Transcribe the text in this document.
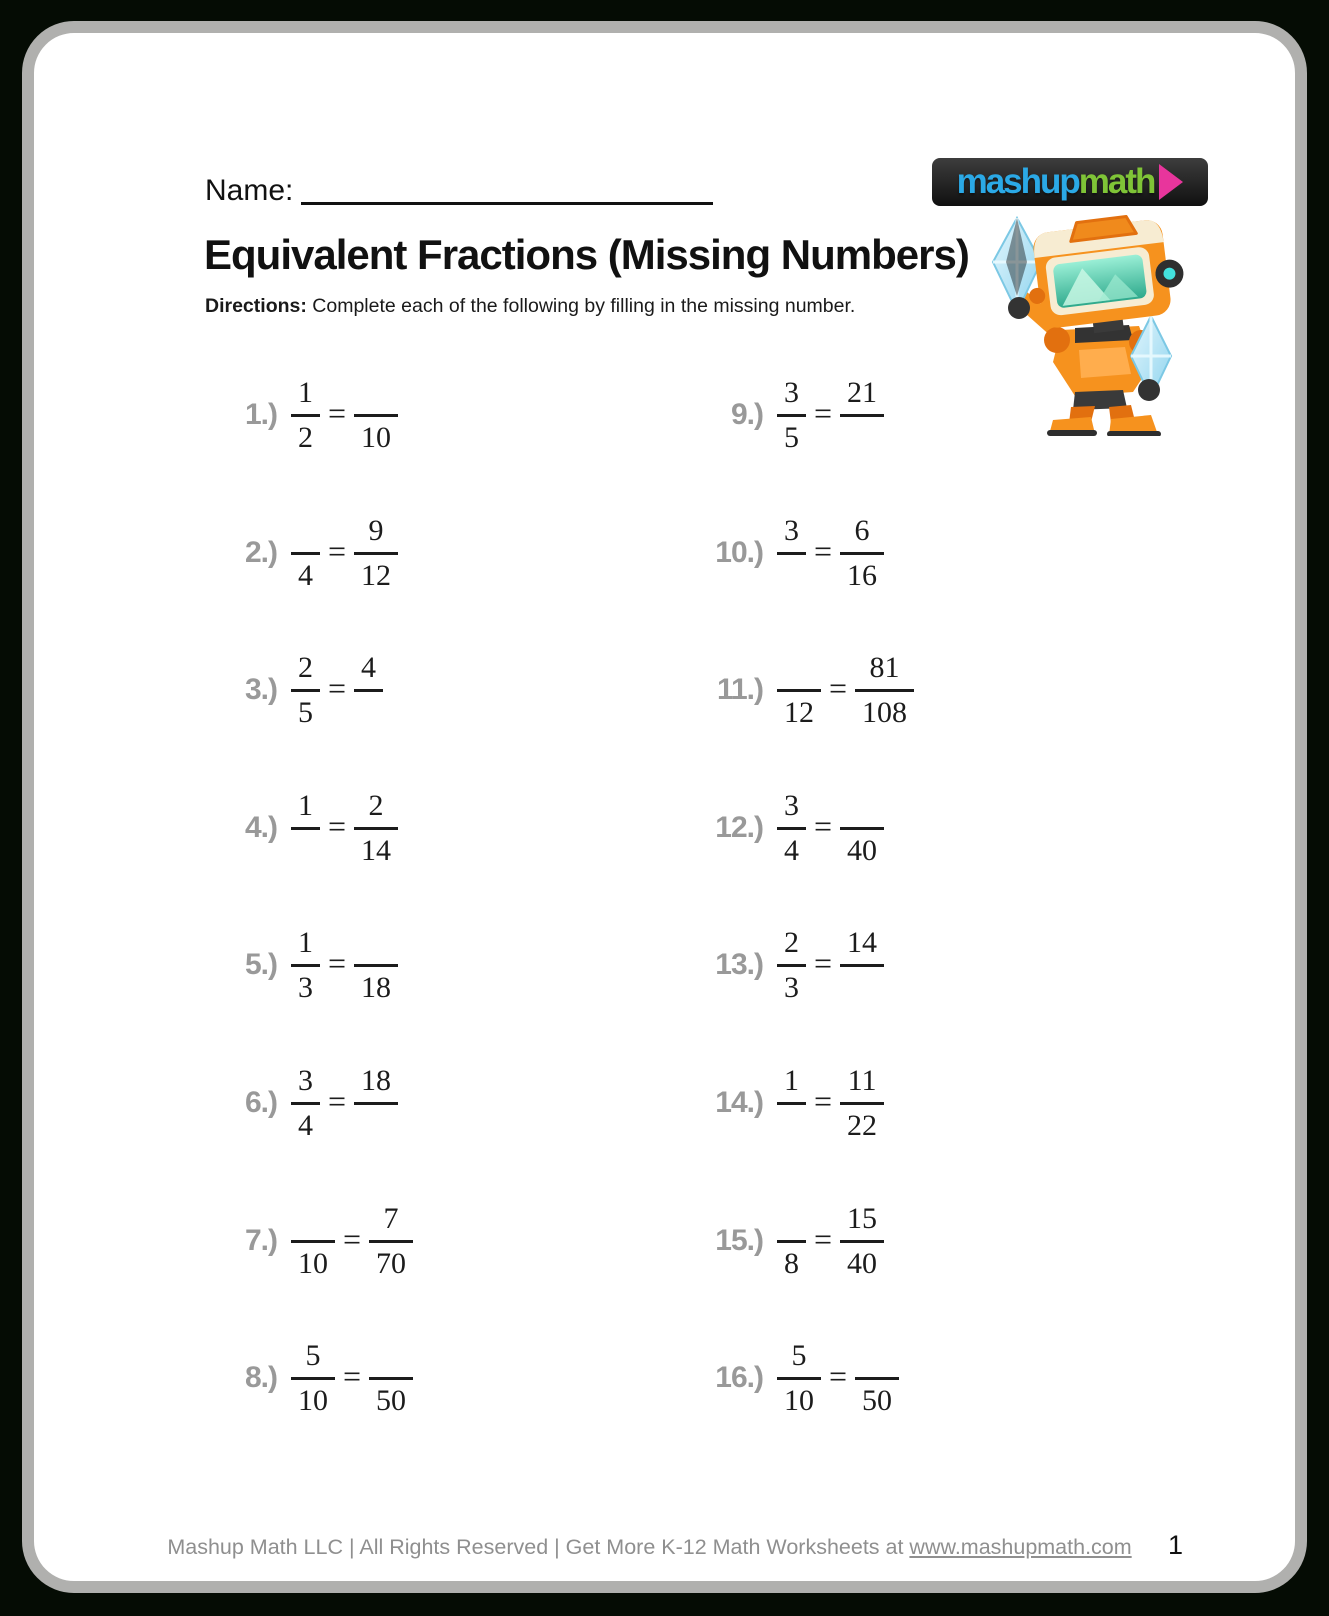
Name:	mashup math
Equivalent Fractions (Missing Numbers)
Directions: Complete each of the following by filling in the missing number.
$1.) \frac{1}{2}$ =
10
2.)
4
= $\frac{9}{12}$
$3.) \frac{2}{5}$ =
4
4.)
1
= $\frac{2}{14}$
$5.) \frac{1}{3}$ =
18
$6.) \frac{3}{4}$ =
18
7.)
10
= $\frac{7}{70}$
$8.) \frac{5}{10}$ =
50
$9.) \frac{3}{5}$ =
21
10.)
3
= $\frac{6}{16}$
11.)
12
= $\frac{81}{108}$
$12.) \frac{3}{4}$ =
40
$13.) \frac{2}{3}$ =
14
14.)
1
= $\frac{11}{22}$
15.)
8
= $\frac{15}{40}$
$16.) \frac{5}{10}$ =
50
Mashup Math LLC | All Rights Reserved | Get More K-12 Math Worksheets at www.mashupmath.com	1
